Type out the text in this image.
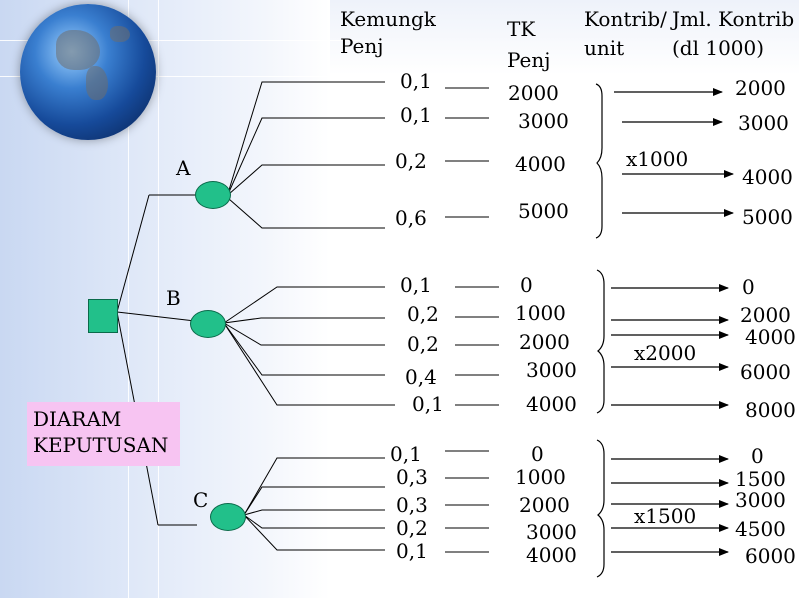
A
B
C
DIARAM
KEPUTUSAN
Kemungk
Penj
TK
Penj
Kontrib/
unit
Jml. Kontrib
(dl 1000)
0,1
0,1
0,2
0,6
2000
3000
4000
5000
x1000
2000
3000
4000
5000
0,1
0,2
0,2
0,4
0,1
0
1000
2000
3000
4000
x2000
0
2000
4000
6000
8000
0,1
0,3
0,3
0,2
0,1
0
1000
2000
3000
4000
x1500
0
1500
3000
4500
6000
